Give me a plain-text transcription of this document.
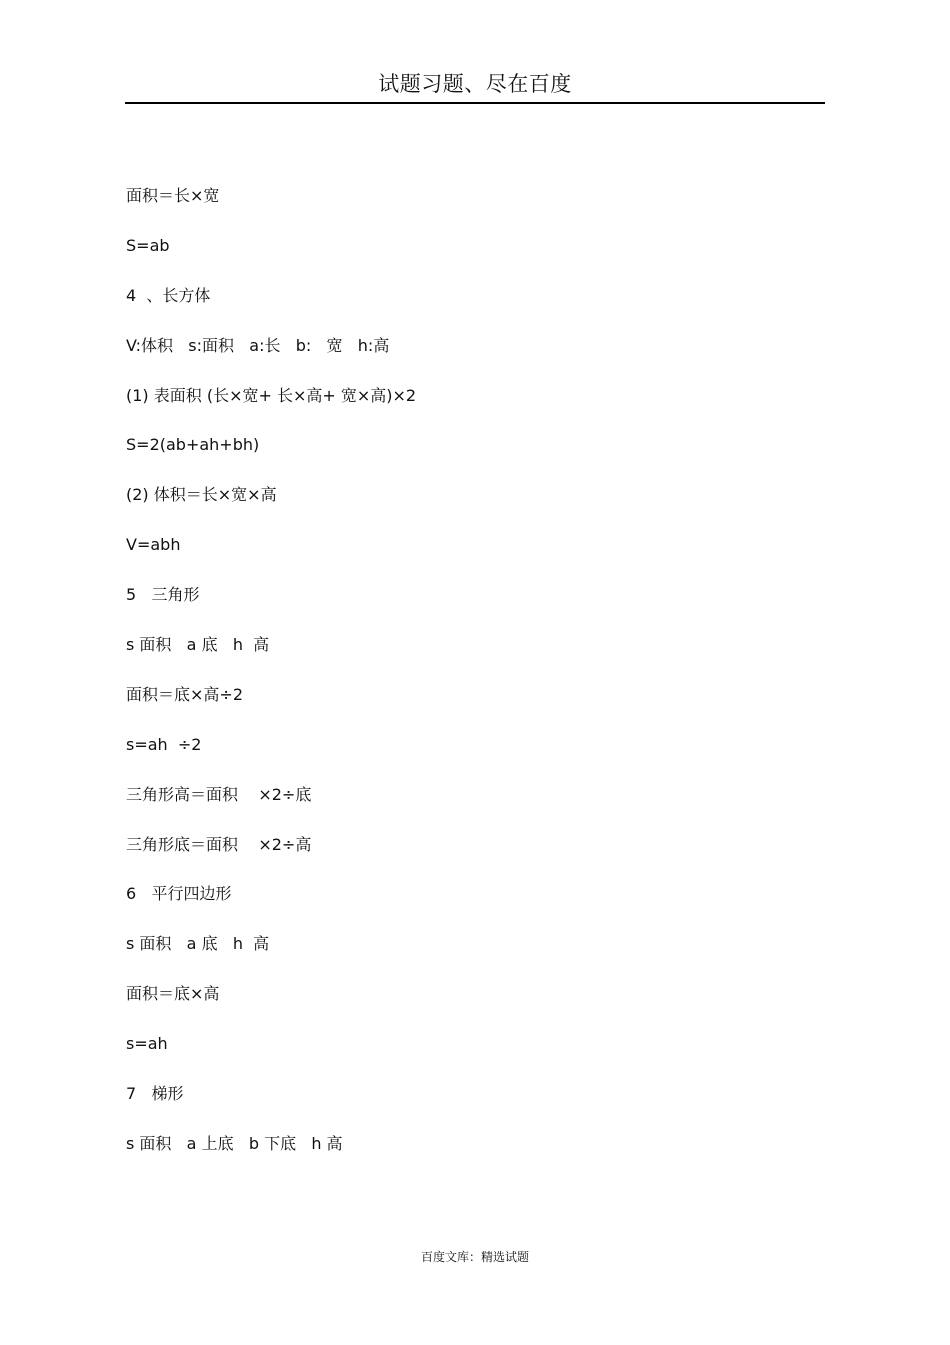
试题习题、尽在百度
面积＝长×宽
S=ab
4  、长方体
V:体积   s:面积   a:长   b:   宽   h:高
(1) 表面积 (长×宽+ 长×高+ 宽×高)×2
S=2(ab+ah+bh)
(2) 体积＝长×宽×高
V=abh
5   三角形
s 面积   a 底   h  高
面积＝底×高÷2
s=ah  ÷2
三角形高＝面积    ×2÷底
三角形底＝面积    ×2÷高
6   平行四边形
s 面积   a 底   h  高
面积＝底×高
s=ah
7   梯形
s 面积   a 上底   b 下底   h 高
百度文库：精选试题
